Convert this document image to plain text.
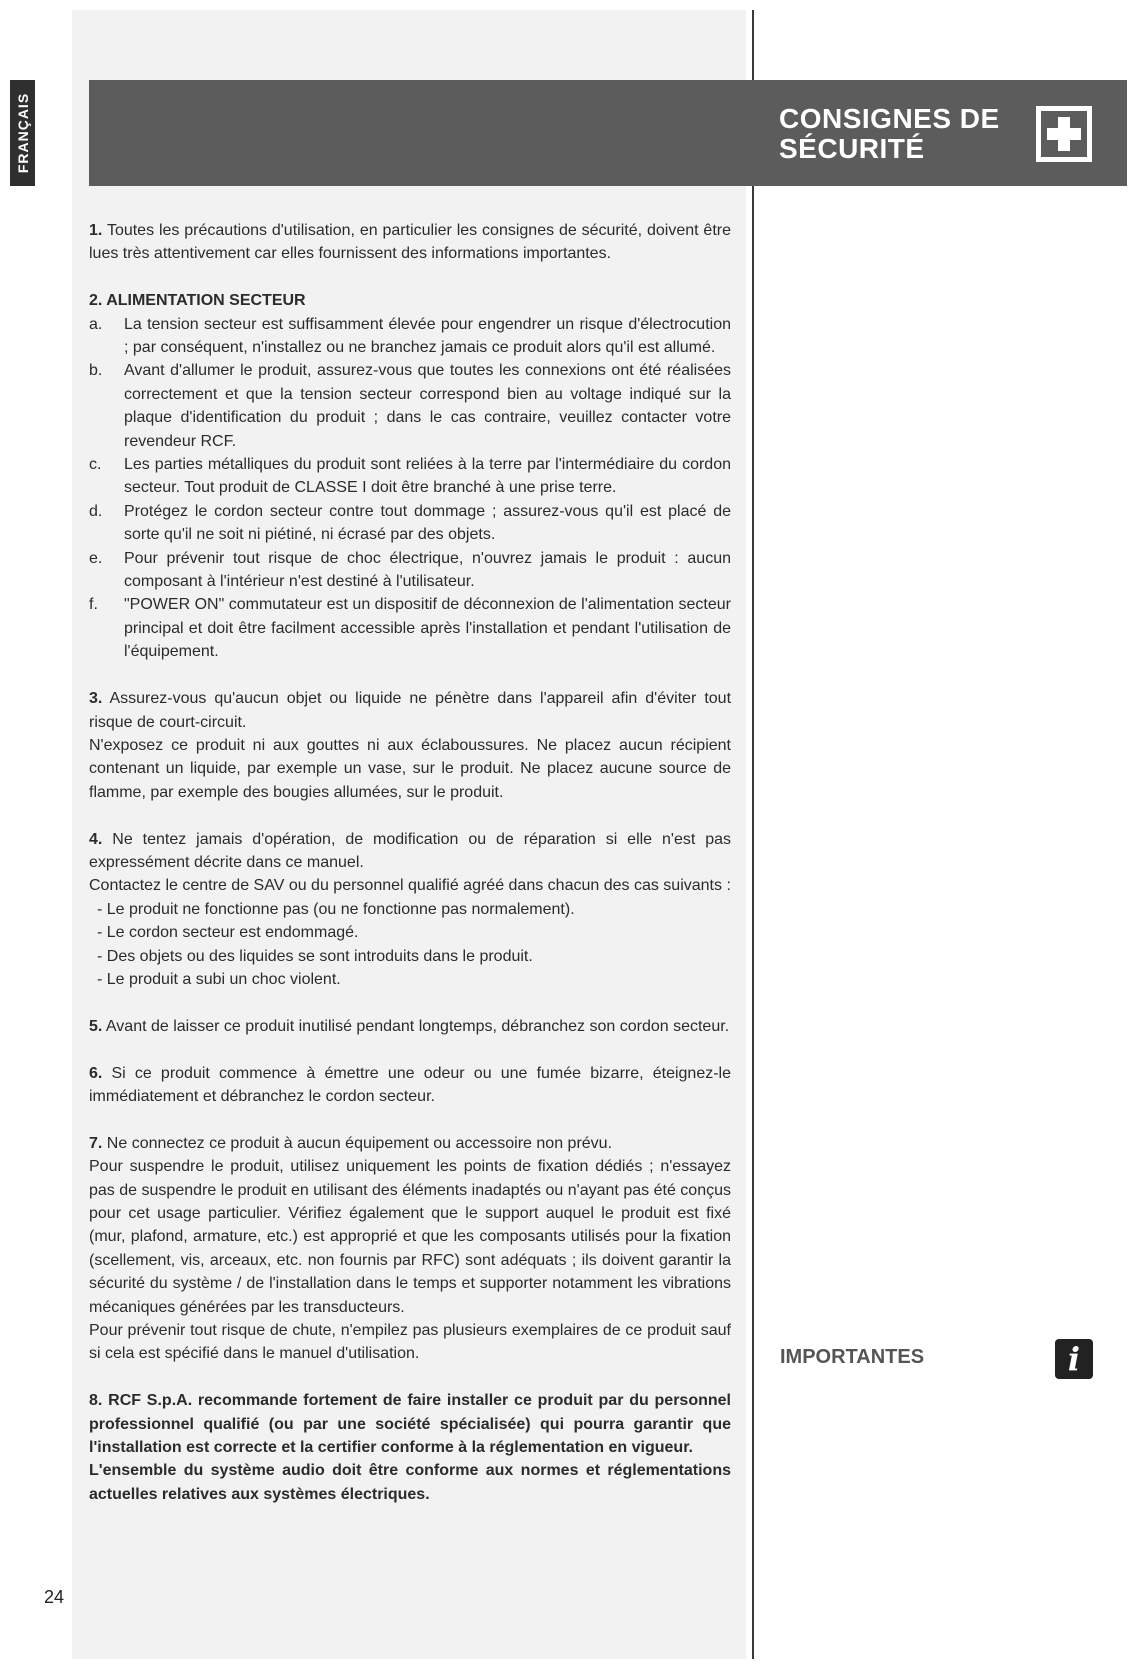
FRANÇAIS	CONSIGNES DE
SÉCURITÉ

1. Toutes les précautions d'utilisation, en particulier les consignes de sécurité, doivent être lues très attentivement car elles fournissent des informations importantes.

2. ALIMENTATION SECTEUR

a.	La tension secteur est suffisamment élevée pour engendrer un risque d'électrocution ; par conséquent, n'installez ou ne branchez jamais ce produit alors qu'il est allumé.
b.	Avant d'allumer le produit, assurez-vous que toutes les connexions ont été réalisées correctement et que la tension secteur correspond bien au voltage indiqué sur la plaque d'identification du produit ; dans le cas contraire, veuillez contacter votre revendeur RCF.
c.	Les parties métalliques du produit sont reliées à la terre par l'intermédiaire du cordon secteur. Tout produit de CLASSE I doit être branché à une prise terre.
d.	Protégez le cordon secteur contre tout dommage ; assurez-vous qu'il est placé de sorte qu'il ne soit ni piétiné, ni écrasé par des objets.
e.	Pour prévenir tout risque de choc électrique, n'ouvrez jamais le produit : aucun composant à l'intérieur n'est destiné à l'utilisateur.
f.	"POWER ON" commutateur est un dispositif de déconnexion de l'alimentation secteur principal et doit être facilment accessible après l'installation et pendant l'utilisation de l'équipement.

3. Assurez-vous qu'aucun objet ou liquide ne pénètre dans l'appareil afin d'éviter tout risque de court-circuit.

N'exposez ce produit ni aux gouttes ni aux éclaboussures. Ne placez aucun récipient contenant un liquide, par exemple un vase, sur le produit. Ne placez aucune source de flamme, par exemple des bougies allumées, sur le produit.

4. Ne tentez jamais d'opération, de modification ou de réparation si elle n'est pas expressément décrite dans ce manuel.

Contactez le centre de SAV ou du personnel qualifié agréé dans chacun des cas suivants :

- Le produit ne fonctionne pas (ou ne fonctionne pas normalement).

- Le cordon secteur est endommagé.

- Des objets ou des liquides se sont introduits dans le produit.

- Le produit a subi un choc violent.

5. Avant de laisser ce produit inutilisé pendant longtemps, débranchez son cordon secteur.

6. Si ce produit commence à émettre une odeur ou une fumée bizarre, éteignez-le immédiatement et débranchez le cordon secteur.

7. Ne connectez ce produit à aucun équipement ou accessoire non prévu.

Pour suspendre le produit, utilisez uniquement les points de fixation dédiés ; n'essayez pas de suspendre le produit en utilisant des éléments inadaptés ou n'ayant pas été conçus pour cet usage particulier. Vérifiez également que le support auquel le produit est fixé (mur, plafond, armature, etc.) est approprié et que les composants utilisés pour la fixation (scellement, vis, arceaux, etc. non fournis par RFC) sont adéquats ; ils doivent garantir la sécurité du système / de l'installation dans le temps et supporter notamment les vibrations mécaniques générées par les transducteurs.

Pour prévenir tout risque de chute, n'empilez pas plusieurs exemplaires de ce produit sauf si cela est spécifié dans le manuel d'utilisation.

8. RCF S.p.A. recommande fortement de faire installer ce produit par du personnel professionnel qualifié (ou par une société spécialisée) qui pourra garantir que l'installation est correcte et la certifier conforme à la réglementation en vigueur.

L'ensemble du système audio doit être conforme aux normes et réglementations actuelles relatives aux systèmes électriques.

IMPORTANTES	i
24
